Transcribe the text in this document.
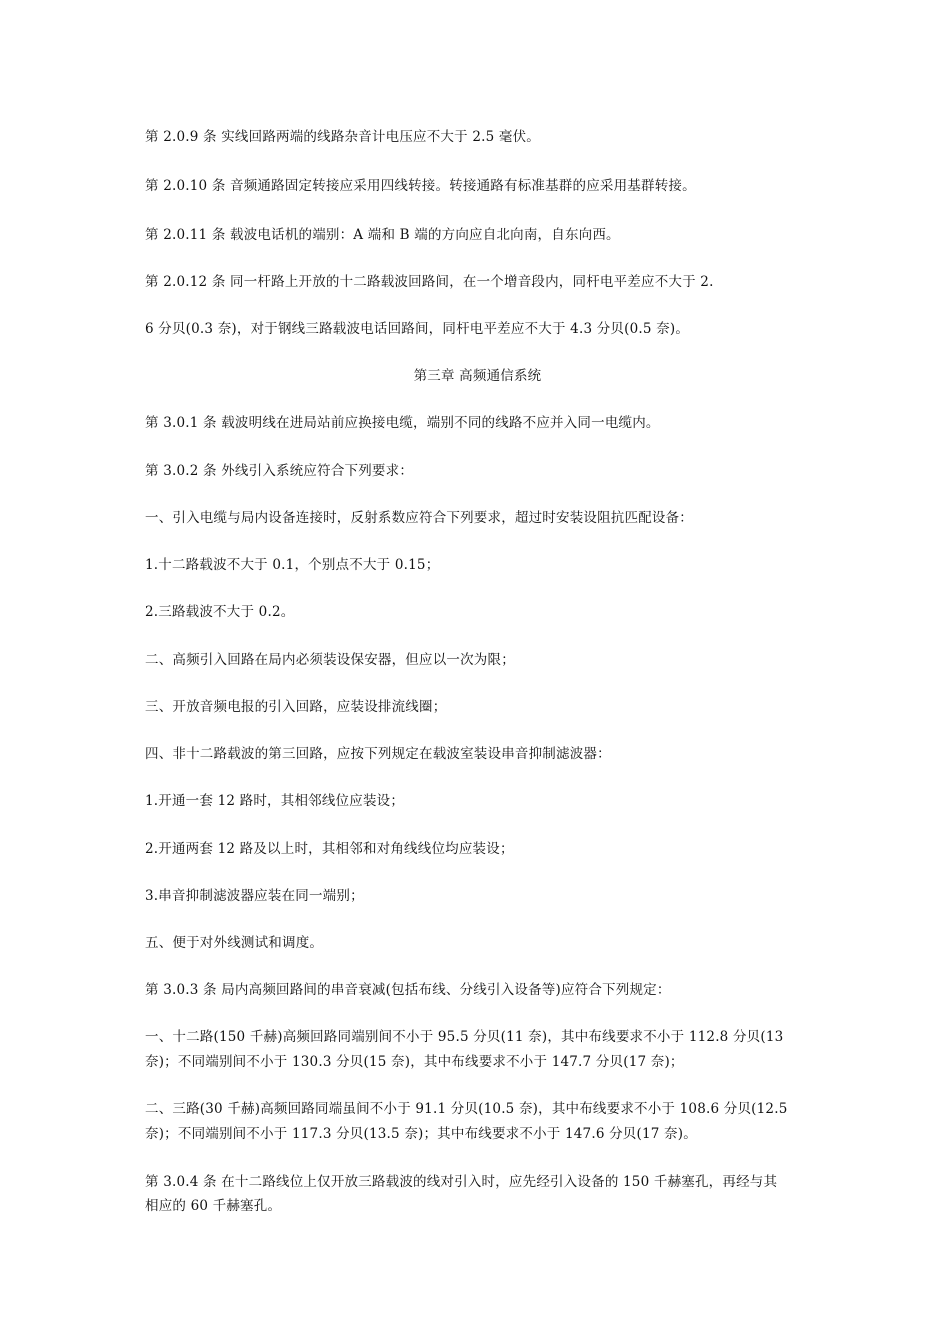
第 2.0.9 条 实线回路两端的线路杂音计电压应不大于 2.5 毫伏。
第 2.0.10 条 音频通路固定转接应采用四线转接。转接通路有标准基群的应采用基群转接。
第 2.0.11 条 载波电话机的端别：A 端和 B 端的方向应自北向南，自东向西。
第 2.0.12 条 同一杆路上开放的十二路载波回路间，在一个增音段内，同杆电平差应不大于 2.
6 分贝(0.3 奈)，对于钢线三路载波电话回路间，同杆电平差应不大于 4.3 分贝(0.5 奈)。
第三章 高频通信系统
第 3.0.1 条 载波明线在进局站前应换接电缆，端别不同的线路不应并入同一电缆内。
第 3.0.2 条 外线引入系统应符合下列要求：
一、引入电缆与局内设备连接时，反射系数应符合下列要求，超过时安装设阻抗匹配设备：
1.十二路载波不大于 0.1，个别点不大于 0.15；
2.三路载波不大于 0.2。
二、高频引入回路在局内必须装设保安器，但应以一次为限；
三、开放音频电报的引入回路，应装设排流线圈；
四、非十二路载波的第三回路，应按下列规定在载波室装设串音抑制滤波器：
1.开通一套 12 路时，其相邻线位应装设；
2.开通两套 12 路及以上时，其相邻和对角线线位均应装设；
3.串音抑制滤波器应装在同一端别；
五、便于对外线测试和调度。
第 3.0.3 条 局内高频回路间的串音衰减(包括布线、分线引入设备等)应符合下列规定：
一、十二路(150 千赫)高频回路同端别间不小于 95.5 分贝(11 奈)，其中布线要求不小于 112.8 分贝(13
奈)；不同端别间不小于 130.3 分贝(15 奈)，其中布线要求不小于 147.7 分贝(17 奈)；
二、三路(30 千赫)高频回路同端虽间不小于 91.1 分贝(10.5 奈)，其中布线要求不小于 108.6 分贝(12.5
奈)；不同端别间不小于 117.3 分贝(13.5 奈)；其中布线要求不小于 147.6 分贝(17 奈)。
第 3.0.4 条 在十二路线位上仅开放三路载波的线对引入时，应先经引入设备的 150 千赫塞孔，再经与其
相应的 60 千赫塞孔。
